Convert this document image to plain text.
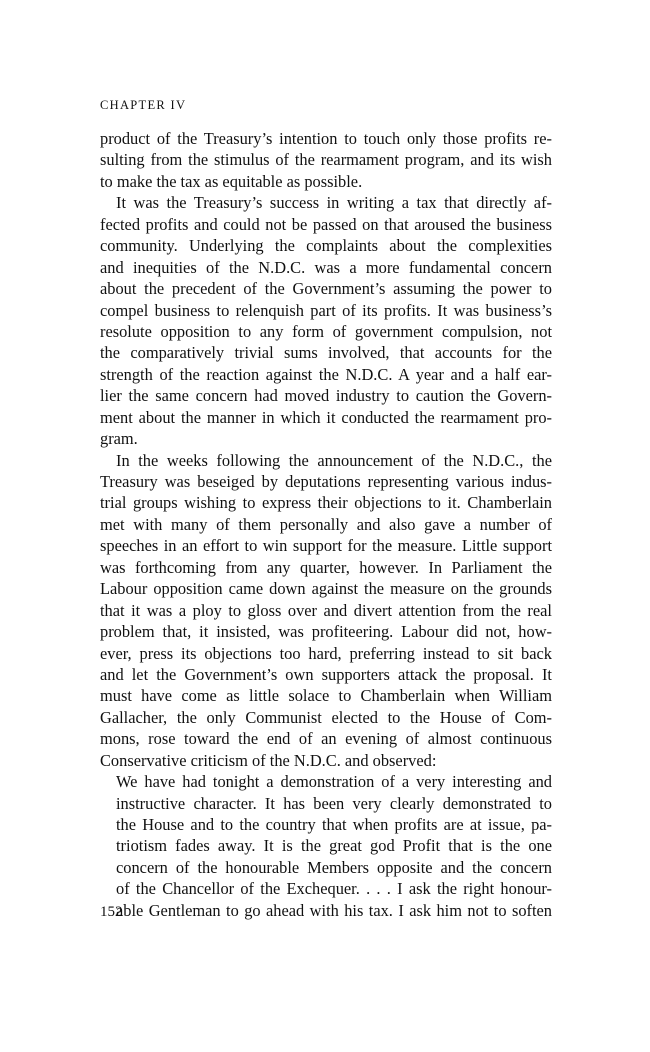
CHAPTER IV
product of the Treasury’s intention to touch only those profits re-
sulting from the stimulus of the rearmament program, and its wish
to make the tax as equitable as possible.
It was the Treasury’s success in writing a tax that directly af-
fected profits and could not be passed on that aroused the business
community. Underlying the complaints about the complexities
and inequities of the N.D.C. was a more fundamental concern
about the precedent of the Government’s assuming the power to
compel business to relenquish part of its profits. It was business’s
resolute opposition to any form of government compulsion, not
the comparatively trivial sums involved, that accounts for the
strength of the reaction against the N.D.C. A year and a half ear-
lier the same concern had moved industry to caution the Govern-
ment about the manner in which it conducted the rearmament pro-
gram.
In the weeks following the announcement of the N.D.C., the
Treasury was beseiged by deputations representing various indus-
trial groups wishing to express their objections to it. Chamberlain
met with many of them personally and also gave a number of
speeches in an effort to win support for the measure. Little support
was forthcoming from any quarter, however. In Parliament the
Labour opposition came down against the measure on the grounds
that it was a ploy to gloss over and divert attention from the real
problem that, it insisted, was profiteering. Labour did not, how-
ever, press its objections too hard, preferring instead to sit back
and let the Government’s own supporters attack the proposal. It
must have come as little solace to Chamberlain when William
Gallacher, the only Communist elected to the House of Com-
mons, rose toward the end of an evening of almost continuous
Conservative criticism of the N.D.C. and observed:
We have had tonight a demonstration of a very interesting and
instructive character. It has been very clearly demonstrated to
the House and to the country that when profits are at issue, pa-
triotism fades away. It is the great god Profit that is the one
concern of the honourable Members opposite and the concern
of the Chancellor of the Exchequer. . . . I ask the right honour-
able Gentleman to go ahead with his tax. I ask him not to soften
152
